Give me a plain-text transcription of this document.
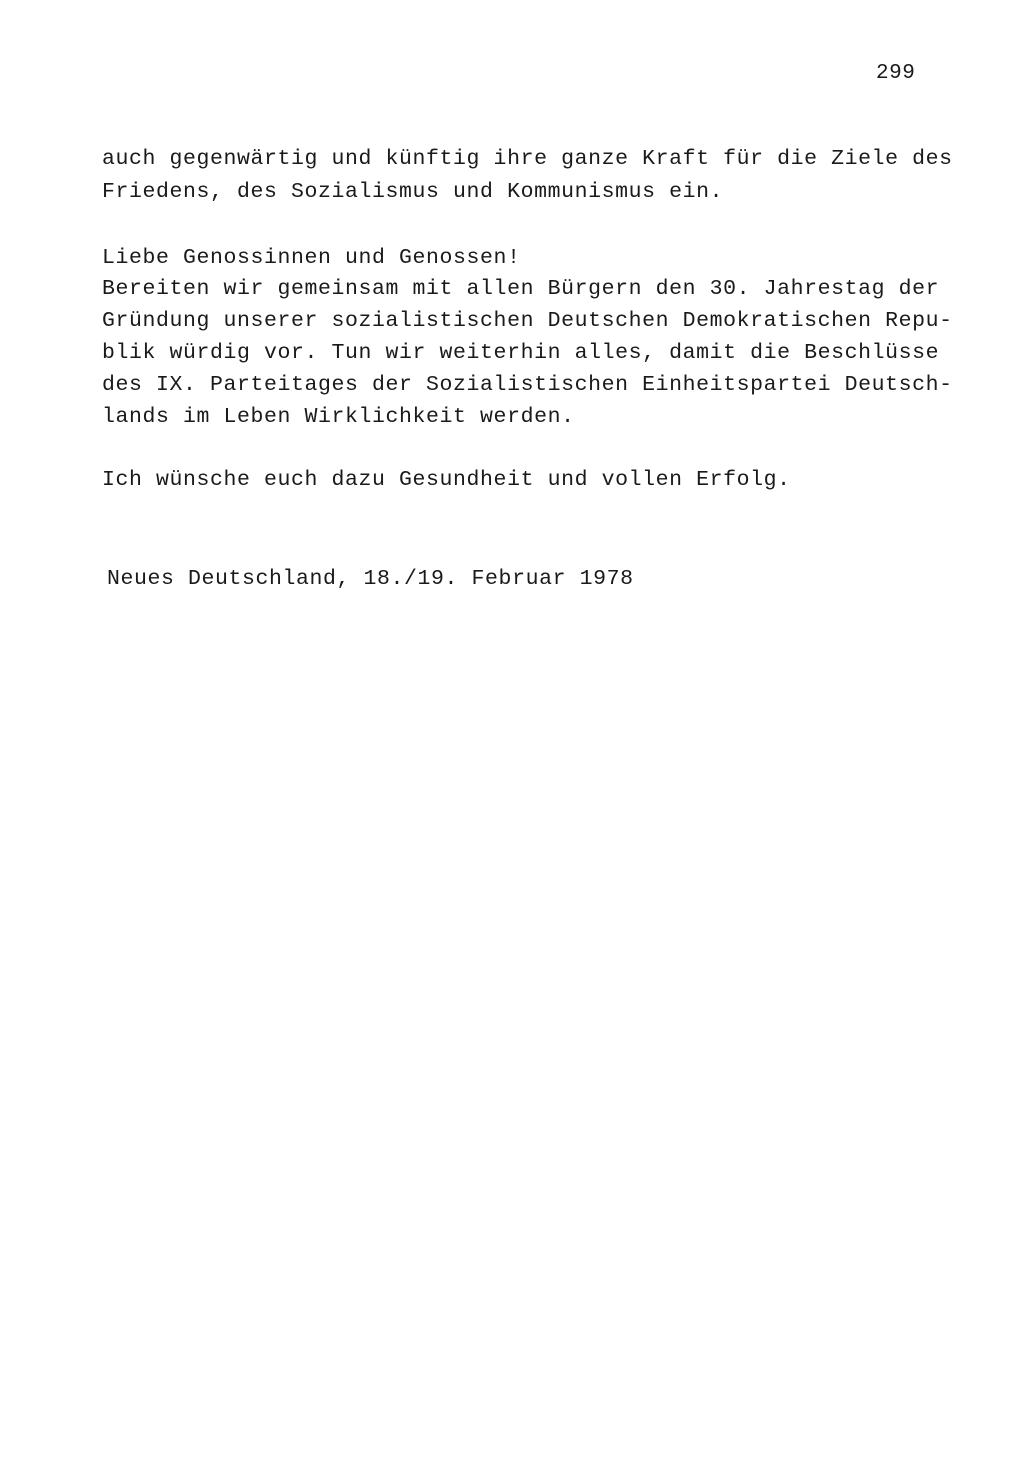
299
auch gegenwärtig und künftig ihre ganze Kraft für die Ziele des
Friedens, des Sozialismus und Kommunismus ein.
Liebe Genossinnen und Genossen!
Bereiten wir gemeinsam mit allen Bürgern den 30. Jahrestag der
Gründung unserer sozialistischen Deutschen Demokratischen Repu-
blik würdig vor. Tun wir weiterhin alles, damit die Beschlüsse
des IX. Parteitages der Sozialistischen Einheitspartei Deutsch-
lands im Leben Wirklichkeit werden.
Ich wünsche euch dazu Gesundheit und vollen Erfolg.
Neues Deutschland, 18./19. Februar 1978
